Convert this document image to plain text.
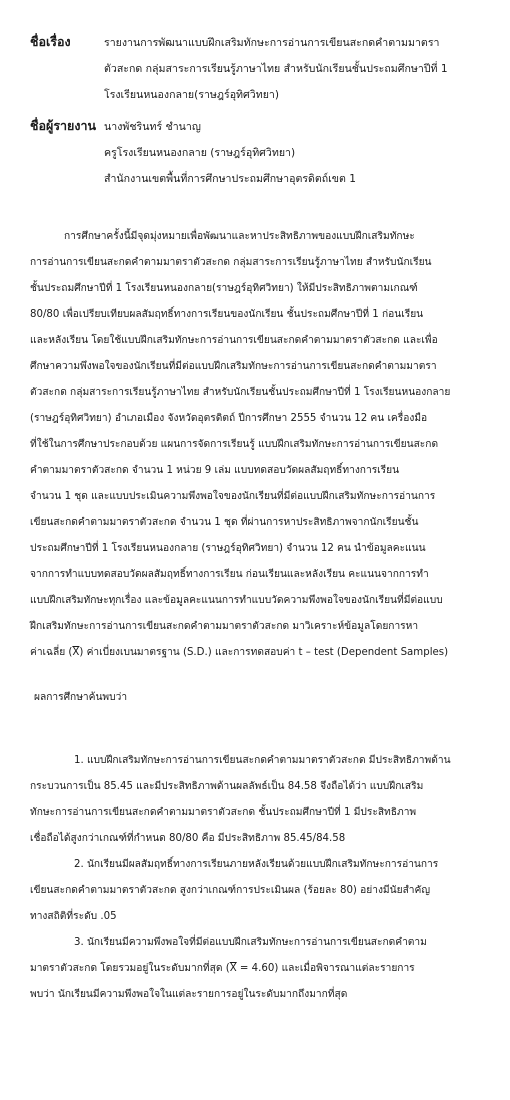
ชื่อเรื่อง	รายงานการพัฒนาแบบฝึกเสริมทักษะการอ่านการเขียนสะกดคำตามมาตรา
ตัวสะกด กลุ่มสาระการเรียนรู้ภาษาไทย สำหรับนักเรียนชั้นประถมศึกษาปีที่ 1
โรงเรียนหนองกลาย(ราษฎร์อุทิศวิทยา)
ชื่อผู้รายงาน นางพัชรินทร์ ชำนาญ
ครูโรงเรียนหนองกลาย (ราษฎร์อุทิศวิทยา)
สำนักงานเขตพื้นที่การศึกษาประถมศึกษาอุตรดิตถ์เขต 1
การศึกษาครั้งนี้มีจุดมุ่งหมายเพื่อพัฒนาและหาประสิทธิภาพของแบบฝึกเสริมทักษะ
การอ่านการเขียนสะกดคำตามมาตราตัวสะกด กลุ่มสาระการเรียนรู้ภาษาไทย สำหรับนักเรียน
ชั้นประถมศึกษาปีที่ 1 โรงเรียนหนองกลาย(ราษฎร์อุทิศวิทยา) ให้มีประสิทธิภาพตามเกณฑ์
80/80 เพื่อเปรียบเทียบผลสัมฤทธิ์ทางการเรียนของนักเรียน ชั้นประถมศึกษาปีที่ 1 ก่อนเรียน
และหลังเรียน โดยใช้แบบฝึกเสริมทักษะการอ่านการเขียนสะกดคำตามมาตราตัวสะกด และเพื่อ
ศึกษาความพึงพอใจของนักเรียนที่มีต่อแบบฝึกเสริมทักษะการอ่านการเขียนสะกดคำตามมาตรา
ตัวสะกด กลุ่มสาระการเรียนรู้ภาษาไทย สำหรับนักเรียนชั้นประถมศึกษาปีที่ 1 โรงเรียนหนองกลาย
(ราษฎร์อุทิศวิทยา) อำเภอเมือง จังหวัดอุตรดิตถ์ ปีการศึกษา 2555 จำนวน 12 คน เครื่องมือ
ที่ใช้ในการศึกษาประกอบด้วย แผนการจัดการเรียนรู้ แบบฝึกเสริมทักษะการอ่านการเขียนสะกด
คำตามมาตราตัวสะกด จำนวน 1 หน่วย 9 เล่ม แบบทดสอบวัดผลสัมฤทธิ์ทางการเรียน
จำนวน 1 ชุด และแบบประเมินความพึงพอใจของนักเรียนที่มีต่อแบบฝึกเสริมทักษะการอ่านการ
เขียนสะกดคำตามมาตราตัวสะกด จำนวน 1 ชุด ที่ผ่านการหาประสิทธิภาพจากนักเรียนชั้น
ประถมศึกษาปีที่ 1 โรงเรียนหนองกลาย (ราษฎร์อุทิศวิทยา) จำนวน 12 คน นำข้อมูลคะแนน
จากการทำแบบทดสอบวัดผลสัมฤทธิ์ทางการเรียน ก่อนเรียนและหลังเรียน คะแนนจากการทำ
แบบฝึกเสริมทักษะทุกเรื่อง และข้อมูลคะแนนการทำแบบวัดความพึงพอใจของนักเรียนที่มีต่อแบบ
ฝึกเสริมทักษะการอ่านการเขียนสะกดคำตามมาตราตัวสะกด มาวิเคราะห์ข้อมูลโดยการหา
ค่าเฉลี่ย $(\overline{X})$ ค่าเบี่ยงเบนมาตรฐาน (S.D.) และการทดสอบค่า t – test (Dependent Samples)
ผลการศึกษาค้นพบว่า
1. แบบฝึกเสริมทักษะการอ่านการเขียนสะกดคำตามมาตราตัวสะกด มีประสิทธิภาพด้าน
กระบวนการเป็น 85.45 และมีประสิทธิภาพด้านผลลัพธ์เป็น 84.58 จึงถือได้ว่า แบบฝึกเสริม
ทักษะการอ่านการเขียนสะกดคำตามมาตราตัวสะกด ชั้นประถมศึกษาปีที่ 1 มีประสิทธิภาพ
เชื่อถือได้สูงกว่าเกณฑ์ที่กำหนด 80/80 คือ มีประสิทธิภาพ 85.45/84.58
2. นักเรียนมีผลสัมฤทธิ์ทางการเรียนภายหลังเรียนด้วยแบบฝึกเสริมทักษะการอ่านการ
เขียนสะกดคำตามมาตราตัวสะกด สูงกว่าเกณฑ์การประเมินผล (ร้อยละ 80) อย่างมีนัยสำคัญ
ทางสถิติที่ระดับ .05
3. นักเรียนมีความพึงพอใจที่มีต่อแบบฝึกเสริมทักษะการอ่านการเขียนสะกดคำตาม
มาตราตัวสะกด โดยรวมอยู่ในระดับมากที่สุด $(\overline{X} = 4.60)$ และเมื่อพิจารณาแต่ละรายการ
พบว่า นักเรียนมีความพึงพอใจในแต่ละรายการอยู่ในระดับมากถึงมากที่สุด
